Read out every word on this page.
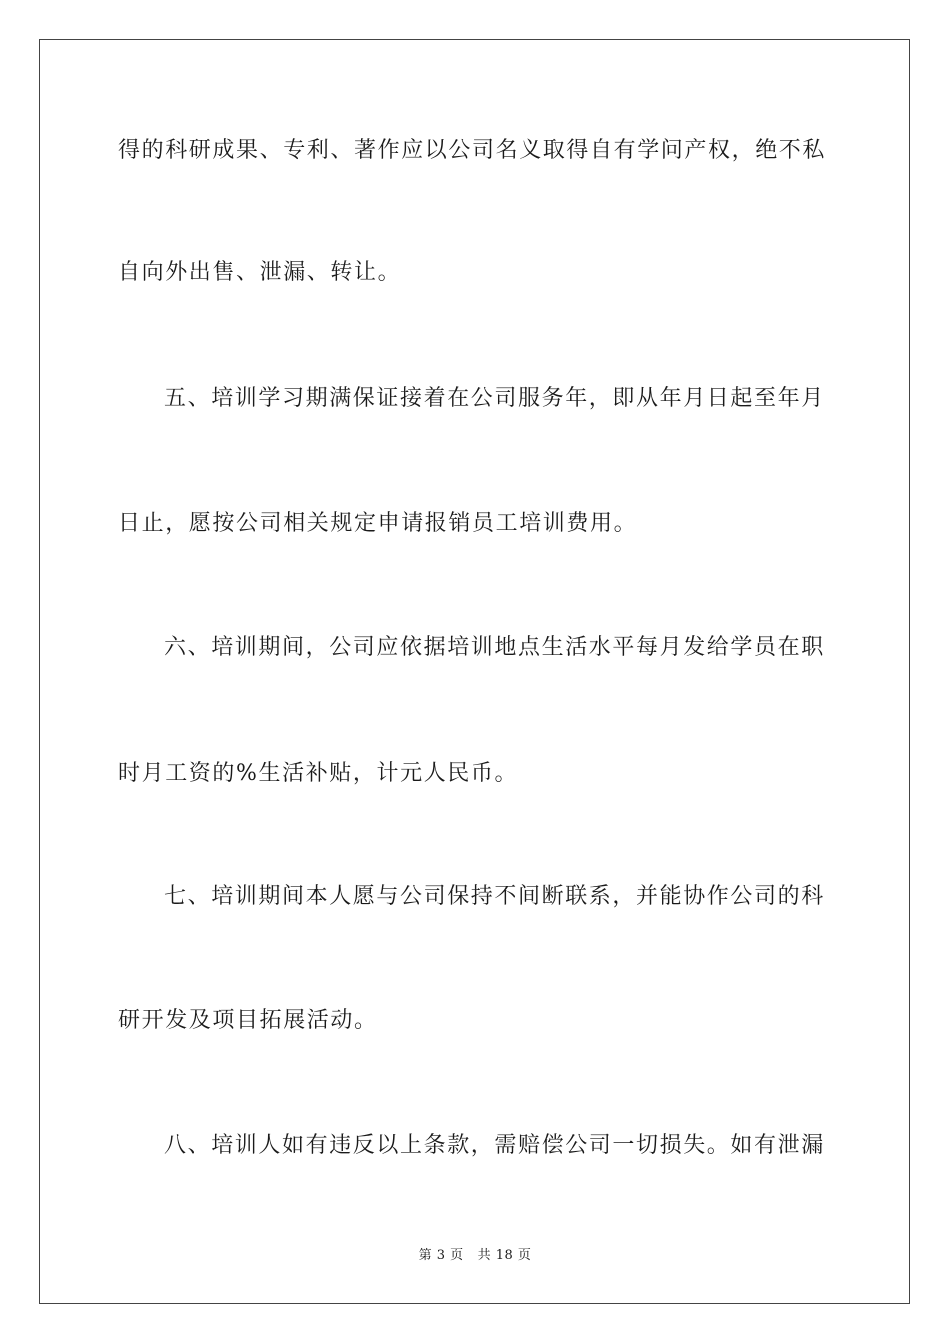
得的科研成果、专利、著作应以公司名义取得自有学问产权，绝不私
自向外出售、泄漏、转让。
五、培训学习期满保证接着在公司服务年，即从年月日起至年月
日止，愿按公司相关规定申请报销员工培训费用。
六、培训期间，公司应依据培训地点生活水平每月发给学员在职
时月工资的%生活补贴，计元人民币。
七、培训期间本人愿与公司保持不间断联系，并能协作公司的科
研开发及项目拓展活动。
八、培训人如有违反以上条款，需赔偿公司一切损失。如有泄漏
第 3 页 共 18 页
